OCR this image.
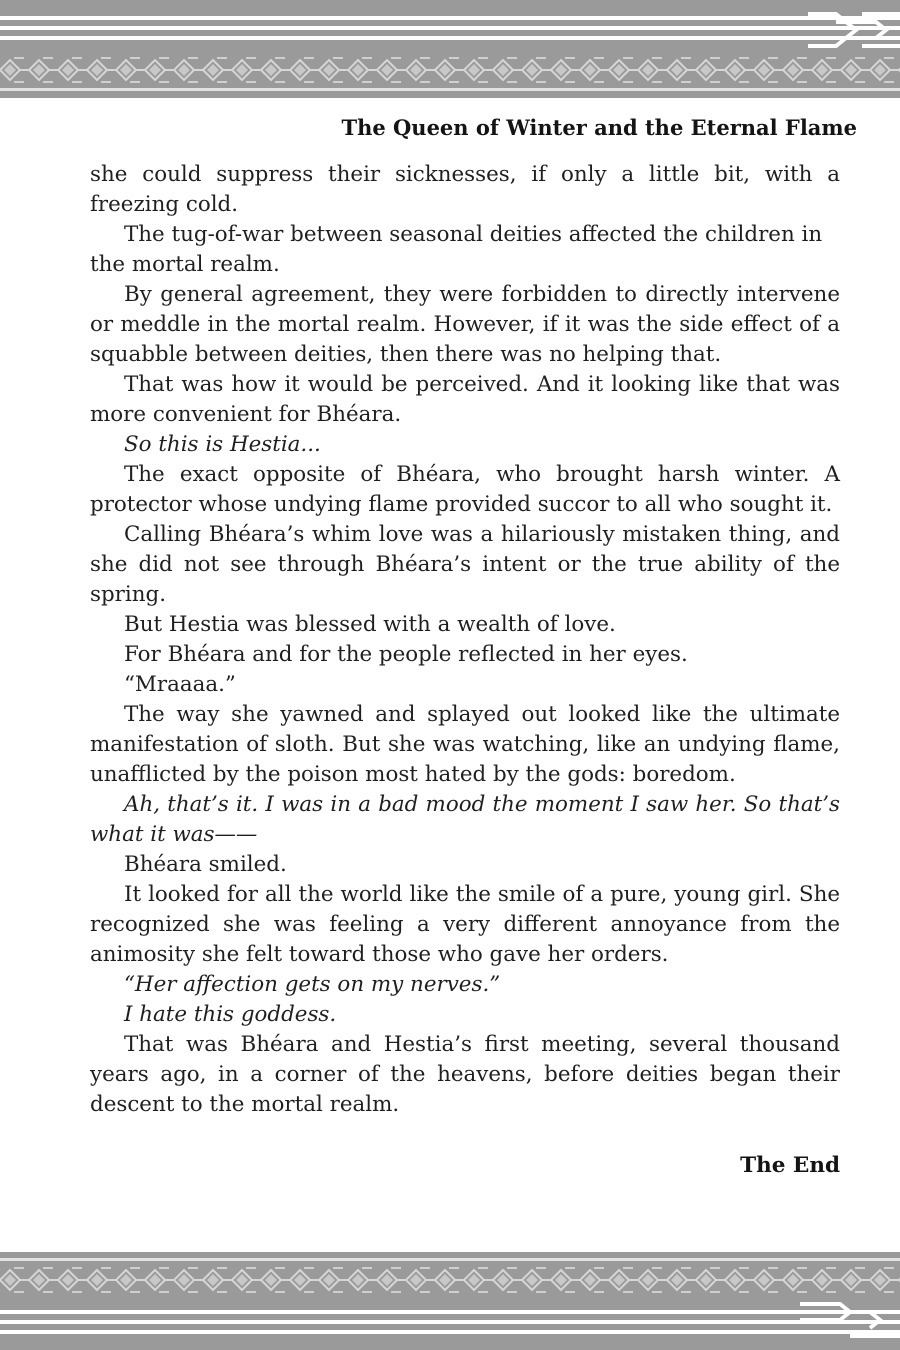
The Queen of Winter and the Eternal Flame

she could suppress their sicknesses, if only a little bit, with a freezing cold.

The tug-of-war between seasonal deities affected the children in the mortal realm.

By general agreement, they were forbidden to directly intervene or meddle in the mortal realm. However, if it was the side effect of a squabble between deities, then there was no helping that.

That was how it would be perceived. And it looking like that was more convenient for Bhéara.

So this is Hestia...

The exact opposite of Bhéara, who brought harsh winter. A protector whose undying flame provided succor to all who sought it.

Calling Bhéara’s whim love was a hilariously mistaken thing, and she did not see through Bhéara’s intent or the true ability of the spring.

But Hestia was blessed with a wealth of love.

For Bhéara and for the people reflected in her eyes.

“Mraaaa.”

The way she yawned and splayed out looked like the ultimate manifestation of sloth. But she was watching, like an undying flame, unafflicted by the poison most hated by the gods: boredom.

Ah, that’s it. I was in a bad mood the moment I saw her. So that’s what it was——

Bhéara smiled.

It looked for all the world like the smile of a pure, young girl. She recognized she was feeling a very different annoyance from the animosity she felt toward those who gave her orders.

“Her affection gets on my nerves.”

I hate this goddess.

That was Bhéara and Hestia’s first meeting, several thousand years ago, in a corner of the heavens, before deities began their descent to the mortal realm.

The End
